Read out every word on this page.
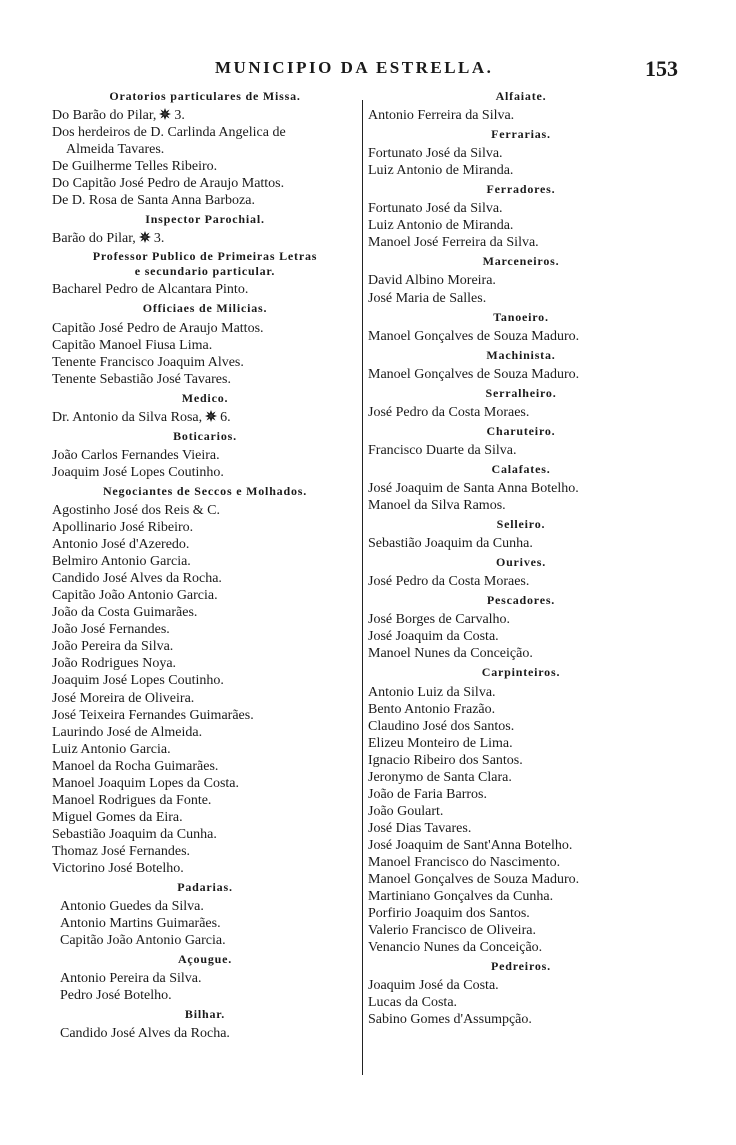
MUNICIPIO DA ESTRELLA.	153
Oratorios particulares de Missa.
Do Barão do Pilar, 3.
Dos herdeiros de D. Carlinda Angelica de
Almeida Tavares.
De Guilherme Telles Ribeiro.
Do Capitão José Pedro de Araujo Mattos.
De D. Rosa de Santa Anna Barboza.
Inspector Parochial.
Barão do Pilar, 3.
Professor Publico de Primeiras Letras
e secundario particular.
Bacharel Pedro de Alcantara Pinto.
Officiaes de Milicias.
Capitão José Pedro de Araujo Mattos.
Capitão Manoel Fiusa Lima.
Tenente Francisco Joaquim Alves.
Tenente Sebastião José Tavares.
Medico.
Dr. Antonio da Silva Rosa, 6.
Boticarios.
João Carlos Fernandes Vieira.
Joaquim José Lopes Coutinho.
Negociantes de Seccos e Molhados.
Agostinho José dos Reis & C.
Apollinario José Ribeiro.
Antonio José d'Azeredo.
Belmiro Antonio Garcia.
Candido José Alves da Rocha.
Capitão João Antonio Garcia.
João da Costa Guimarães.
João José Fernandes.
João Pereira da Silva.
João Rodrigues Noya.
Joaquim José Lopes Coutinho.
José Moreira de Oliveira.
José Teixeira Fernandes Guimarães.
Laurindo José de Almeida.
Luiz Antonio Garcia.
Manoel da Rocha Guimarães.
Manoel Joaquim Lopes da Costa.
Manoel Rodrigues da Fonte.
Miguel Gomes da Eira.
Sebastião Joaquim da Cunha.
Thomaz José Fernandes.
Victorino José Botelho.
Padarias.
Antonio Guedes da Silva.
Antonio Martins Guimarães.
Capitão João Antonio Garcia.
Açougue.
Antonio Pereira da Silva.
Pedro José Botelho.
Bilhar.
Candido José Alves da Rocha.
Alfaiate.
Antonio Ferreira da Silva.
Ferrarias.
Fortunato José da Silva.
Luiz Antonio de Miranda.
Ferradores.
Fortunato José da Silva.
Luiz Antonio de Miranda.
Manoel José Ferreira da Silva.
Marceneiros.
David Albino Moreira.
José Maria de Salles.
Tanoeiro.
Manoel Gonçalves de Souza Maduro.
Machinista.
Manoel Gonçalves de Souza Maduro.
Serralheiro.
José Pedro da Costa Moraes.
Charuteiro.
Francisco Duarte da Silva.
Calafates.
José Joaquim de Santa Anna Botelho.
Manoel da Silva Ramos.
Selleiro.
Sebastião Joaquim da Cunha.
Ourives.
José Pedro da Costa Moraes.
Pescadores.
José Borges de Carvalho.
José Joaquim da Costa.
Manoel Nunes da Conceição.
Carpinteiros.
Antonio Luiz da Silva.
Bento Antonio Frazão.
Claudino José dos Santos.
Elizeu Monteiro de Lima.
Ignacio Ribeiro dos Santos.
Jeronymo de Santa Clara.
João de Faria Barros.
João Goulart.
José Dias Tavares.
José Joaquim de Sant'Anna Botelho.
Manoel Francisco do Nascimento.
Manoel Gonçalves de Souza Maduro.
Martiniano Gonçalves da Cunha.
Porfirio Joaquim dos Santos.
Valerio Francisco de Oliveira.
Venancio Nunes da Conceição.
Pedreiros.
Joaquim José da Costa.
Lucas da Costa.
Sabino Gomes d'Assumpção.
